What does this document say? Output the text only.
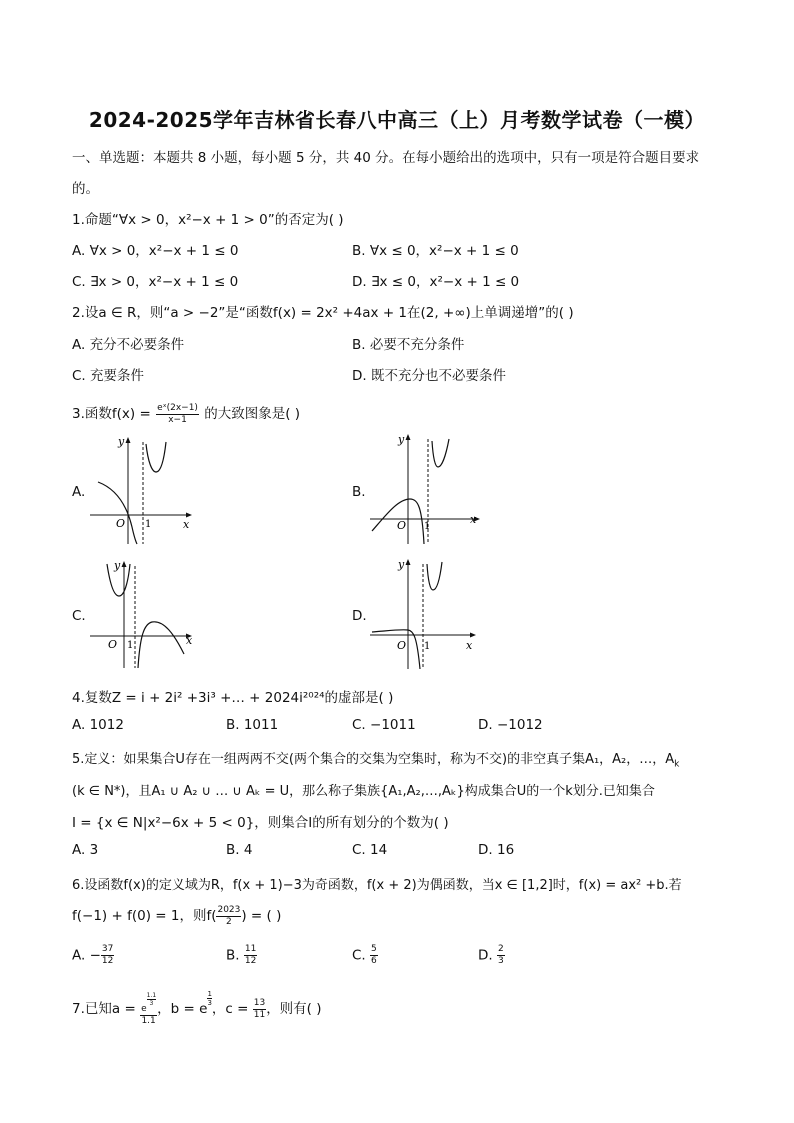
2024-2025学年吉林省长春八中高三（上）月考数学试卷（一模）
一、单选题：本题共 8 小题，每小题 5 分，共 40 分。在每小题给出的选项中，只有一项是符合题目要求
的。
1.命题“∀x > 0，x²−x + 1 > 0”的否定为( )
A. ∀x > 0，x²−x + 1 ≤ 0	B. ∀x ≤ 0，x²−x + 1 ≤ 0
C. ∃x > 0，x²−x + 1 ≤ 0	D. ∃x ≤ 0，x²−x + 1 ≤ 0
2.设a ∈ R，则“a > −2”是“函数f(x) = 2x² +4ax + 1在(2, +∞)上单调递增”的( )
A. 充分不必要条件	B. 必要不充分条件
C. 充要条件	D. 既不充分也不必要条件
3.函数$f(x) = \frac{\text{eˣ(2x−1)}}{x-1}$ 的大致图象是( )
A.
y
x
O 1
B.
y
x
O 1
C.
y
x
O 1
D.
y
x
O 1
4.复数Z = i + 2i² +3i³ +… + 2024i²⁰²⁴的虚部是( )
A. 1012	B. 1011	C. −1011	D. −1012
5.定义：如果集合U存在一组两两不交(两个集合的交集为空集时，称为不交)的非空真子集A₁，A₂，…，$A_k$
(k ∈ N*)，且A₁ ∪ A₂ ∪ … ∪ Aₖ = U，那么称子集族{A₁,A₂,…,Aₖ}构成集合U的一个k划分.已知集合
I = {x ∈ N|x²−6x + 5 < 0}，则集合I的所有划分的个数为( )
A. 3	B. 4	C. 14	D. 16
6.设函数f(x)的定义域为R，f(x + 1)−3为奇函数，f(x + 2)为偶函数，当x ∈ [1,2]时，f(x) = ax² +b.若
f(−1) + f(0) = 1，则$f( \frac{2023}{2}$ ) = ( )
A. − $\frac{37}{12}$	B. $\frac{11}{12}$	C. $\frac{5}{6}$	D. $\frac{2}{3}$
7.已知a = e
$\frac{1.1}{3}$
1.1 ，b = e
$\frac{1}{3}$
，$c = \frac{13}{11}$ ，则有( )
